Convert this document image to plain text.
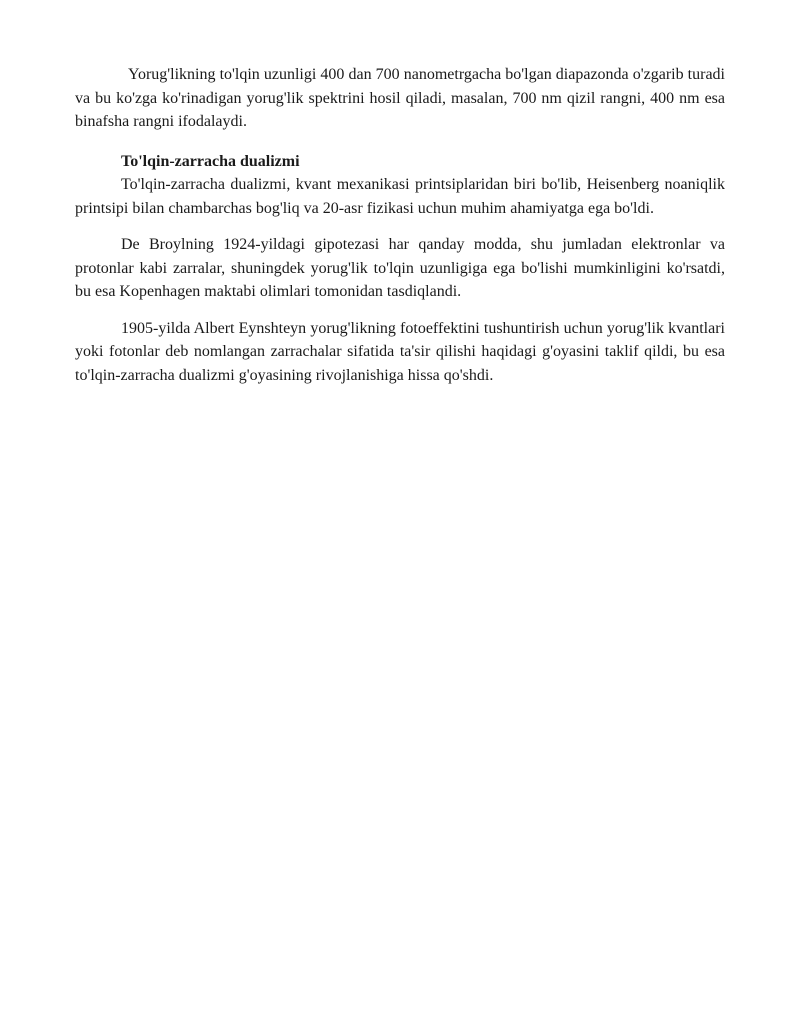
Yorug'likning to'lqin uzunligi 400 dan 700 nanometrgacha bo'lgan diapazonda o'zgarib turadi va bu ko'zga ko'rinadigan yorug'lik spektrini hosil qiladi, masalan, 700 nm qizil rangni, 400 nm esa binafsha rangni ifodalaydi.

To'lqin-zarracha dualizmi

To'lqin-zarracha dualizmi, kvant mexanikasi printsiplaridan biri bo'lib, Heisenberg noaniqlik printsipi bilan chambarchas bog'liq va 20-asr fizikasi uchun muhim ahamiyatga ega bo'ldi.

De Broylning 1924-yildagi gipotezasi har qanday modda, shu jumladan elektronlar va protonlar kabi zarralar, shuningdek yorug'lik to'lqin uzunligiga ega bo'lishi mumkinligini ko'rsatdi, bu esa Kopenhagen maktabi olimlari tomonidan tasdiqlandi.

1905-yilda Albert Eynshteyn yorug'likning fotoeffektini tushuntirish uchun yorug'lik kvantlari yoki fotonlar deb nomlangan zarrachalar sifatida ta'sir qilishi haqidagi g'oyasini taklif qildi, bu esa to'lqin-zarracha dualizmi g'oyasining rivojlanishiga hissa qo'shdi.
